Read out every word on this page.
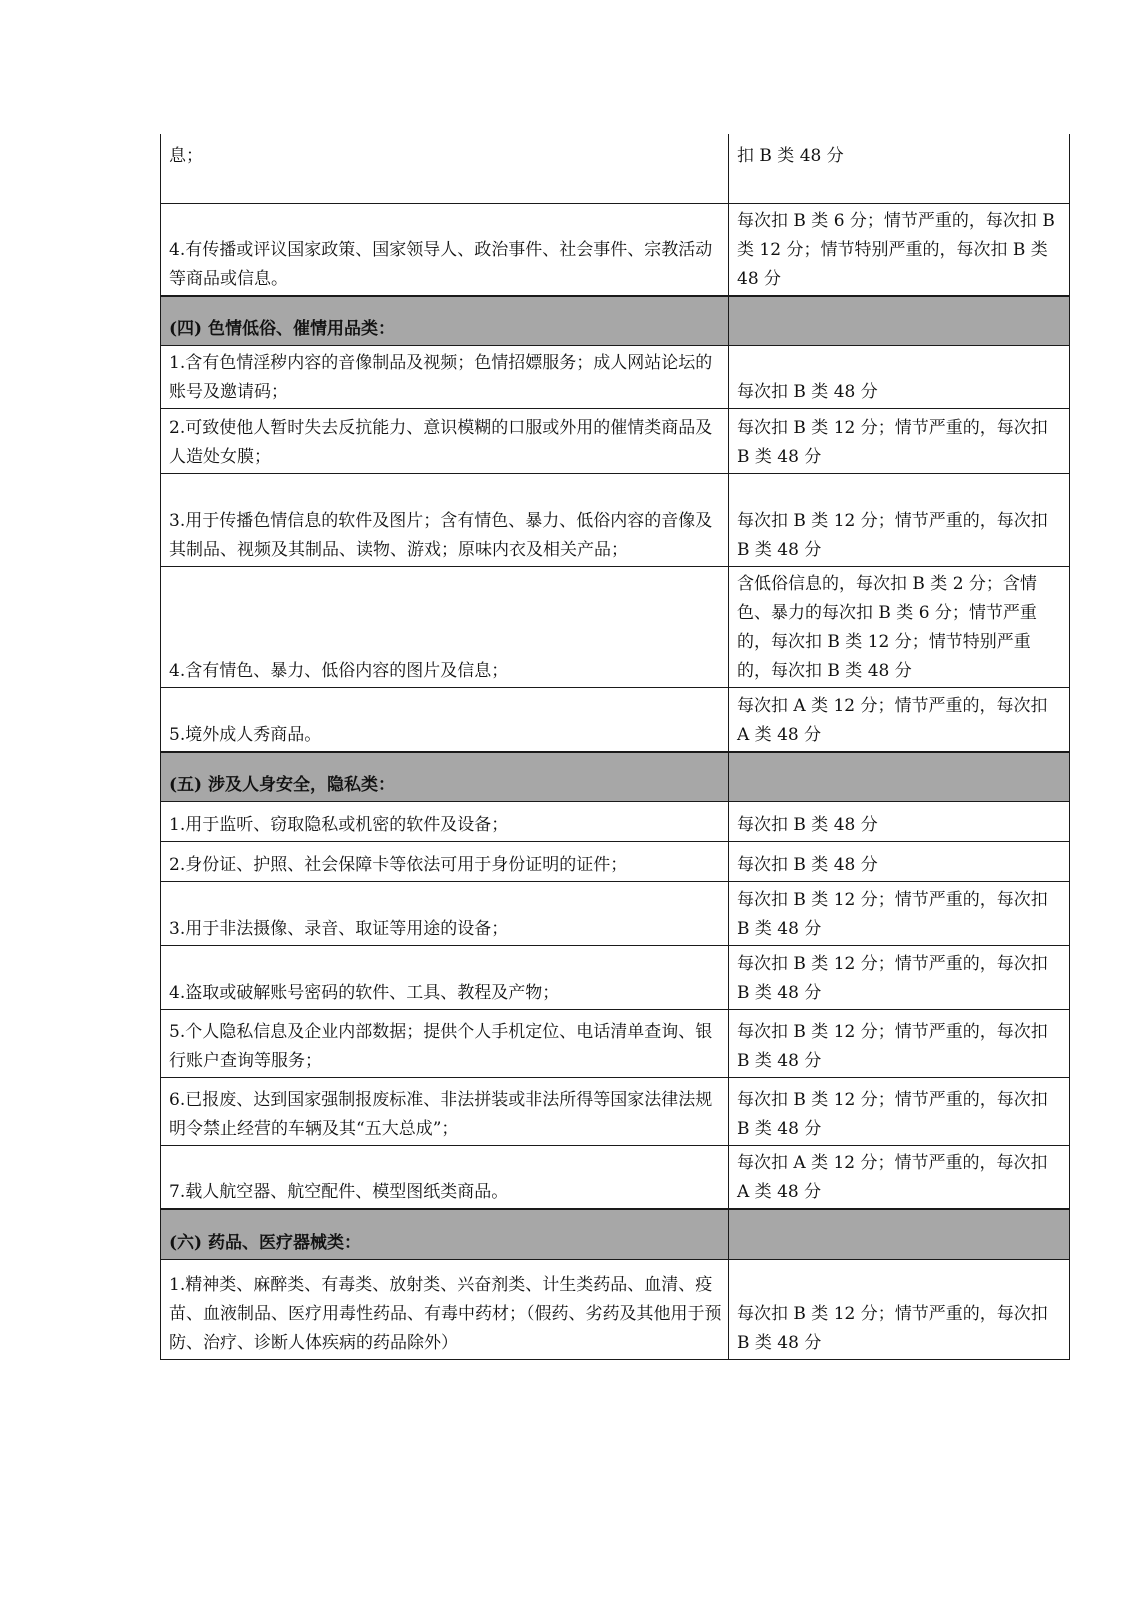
息；	扣 B 类 48 分
4.有传播或评议国家政策、国家领导人、政治事件、社会事件、宗教活动等商品或信息。	每次扣 B 类 6 分；情节严重的，每次扣 B 类 12 分；情节特别严重的，每次扣 B 类 48 分
(四) 色情低俗、催情用品类：	
1.含有色情淫秽内容的音像制品及视频；色情招嫖服务；成人网站论坛的账号及邀请码；	每次扣 B 类 48 分
2.可致使他人暂时失去反抗能力、意识模糊的口服或外用的催情类商品及人造处女膜；	每次扣 B 类 12 分；情节严重的，每次扣 B 类 48 分
3.用于传播色情信息的软件及图片；含有情色、暴力、低俗内容的音像及其制品、视频及其制品、读物、游戏；原味内衣及相关产品；	每次扣 B 类 12 分；情节严重的，每次扣 B 类 48 分
4.含有情色、暴力、低俗内容的图片及信息；	含低俗信息的，每次扣 B 类 2 分；含情色、暴力的每次扣 B 类 6 分；情节严重的，每次扣 B 类 12 分；情节特别严重的，每次扣 B 类 48 分
5.境外成人秀商品。	每次扣 A 类 12 分；情节严重的，每次扣 A 类 48 分
(五) 涉及人身安全，隐私类：	
1.用于监听、窃取隐私或机密的软件及设备；	每次扣 B 类 48 分
2.身份证、护照、社会保障卡等依法可用于身份证明的证件；	每次扣 B 类 48 分
3.用于非法摄像、录音、取证等用途的设备；	每次扣 B 类 12 分；情节严重的，每次扣 B 类 48 分
4.盗取或破解账号密码的软件、工具、教程及产物；	每次扣 B 类 12 分；情节严重的，每次扣 B 类 48 分
5.个人隐私信息及企业内部数据；提供个人手机定位、电话清单查询、银行账户查询等服务；	每次扣 B 类 12 分；情节严重的，每次扣 B 类 48 分
6.已报废、达到国家强制报废标准、非法拼装或非法所得等国家法律法规明令禁止经营的车辆及其“五大总成”；	每次扣 B 类 12 分；情节严重的，每次扣 B 类 48 分
7.载人航空器、航空配件、模型图纸类商品。	每次扣 A 类 12 分；情节严重的，每次扣 A 类 48 分
(六) 药品、医疗器械类：	
1.精神类、麻醉类、有毒类、放射类、兴奋剂类、计生类药品、血清、疫苗、血液制品、医疗用毒性药品、有毒中药材；（假药、劣药及其他用于预防、治疗、诊断人体疾病的药品除外）	每次扣 B 类 12 分；情节严重的，每次扣 B 类 48 分
